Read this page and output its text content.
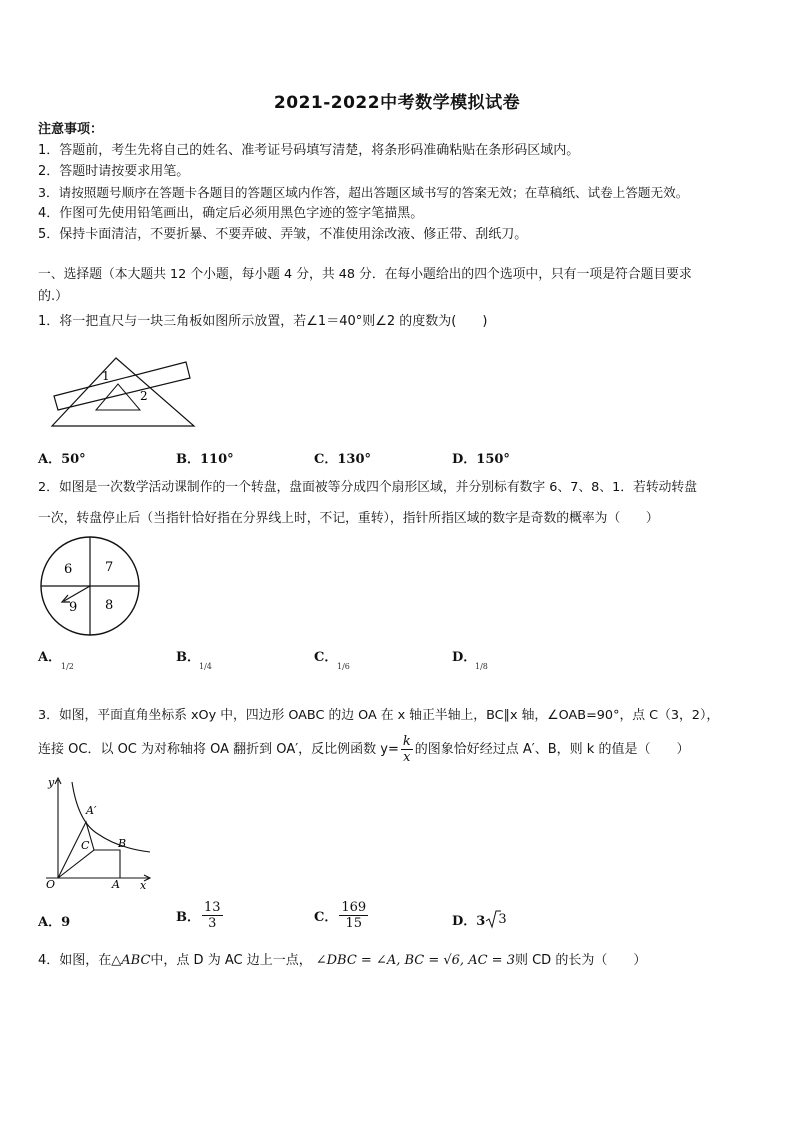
2021-2022中考数学模拟试卷
注意事项：
1．答题前，考生先将自己的姓名、准考证号码填写清楚，将条形码准确粘贴在条形码区域内。
2．答题时请按要求用笔。
3．请按照题号顺序在答题卡各题目的答题区域内作答，超出答题区域书写的答案无效；在草稿纸、试卷上答题无效。
4．作图可先使用铅笔画出，确定后必须用黑色字迹的签字笔描黑。
5．保持卡面清洁，不要折暴、不要弄破、弄皱，不准使用涂改液、修正带、刮纸刀。
一、选择题（本大题共 12 个小题，每小题 4 分，共 48 分．在每小题给出的四个选项中，只有一项是符合题目要求
的.）
1．将一把直尺与一块三角板如图所示放置，若∠1＝40°则∠2 的度数为(　　)
1
2
A．50°	B．110°	C．130°	D．150°
2．如图是一次数学活动课制作的一个转盘，盘面被等分成四个扇形区域，并分别标有数字 6、7、8、1．若转动转盘
一次，转盘停止后（当指针恰好指在分界线上时，不记，重转），指针所指区域的数字是奇数的概率为（　　）
6	7
9 8
A．
1/2
B．
1/4
C．
1/6
D．
1/8
3．如图，平面直角坐标系 xOy 中，四边形 OABC 的边 OA 在 x 轴正半轴上，BC∥x 轴，∠OAB=90°，点 C（3，2），
连接 OC．以 OC 为对称轴将 OA 翻折到 OA′，反比例函数 $y= \frac{k}{x}$ 的图象恰好经过点 A′、B，则 k 的值是（　　）
y
A′
C	B
O	A x
A．9	B． $\frac{13}{3}$	C． $\frac{169}{15}$	D．3 3
4．如图，在 △ABC 中，点 D 为 AC 边上一点， ∠DBC = ∠A, BC = √6, AC = 3 则 CD 的长为（　　）
